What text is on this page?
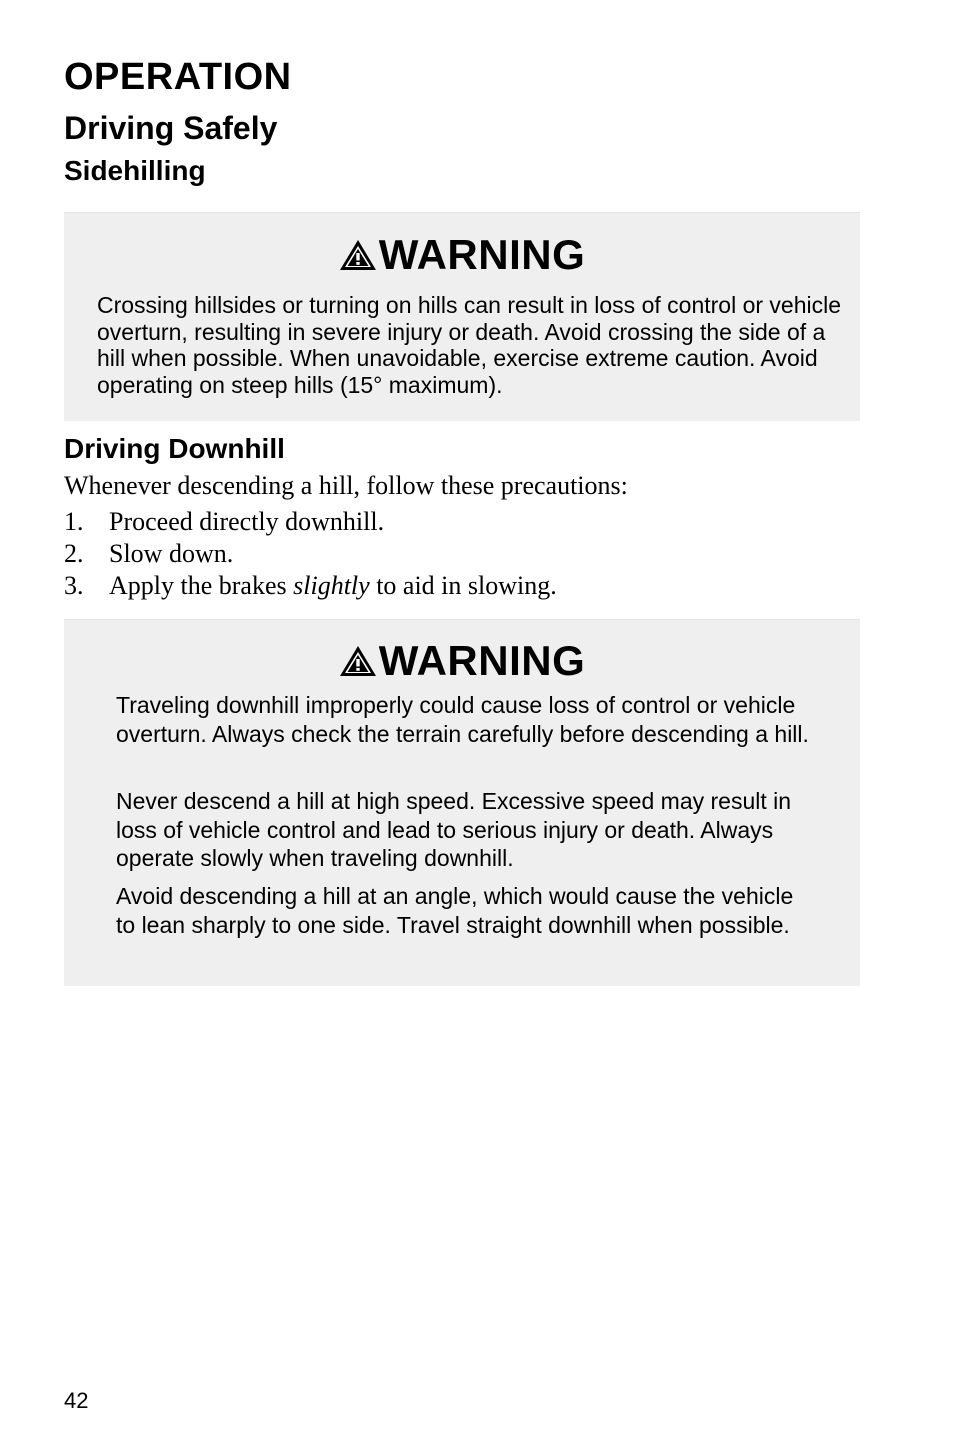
OPERATION
Driving Safely
Sidehilling
WARNING
Crossing hillsides or turning on hills can result in loss of control or vehicle overturn, resulting in severe injury or death. Avoid crossing the side of a hill when possible. When unavoidable, exercise extreme caution. Avoid operating on steep hills (15° maximum).
Driving Downhill
Whenever descending a hill, follow these precautions:
1. Proceed directly downhill.
2. Slow down.
3. Apply the brakes slightly to aid in slowing.
WARNING
Traveling downhill improperly could cause loss of control or vehicle overturn. Always check the terrain carefully before descending a hill.
Never descend a hill at high speed. Excessive speed may result in loss of vehicle control and lead to serious injury or death. Always operate slowly when traveling downhill.
Avoid descending a hill at an angle, which would cause the vehicle to lean sharply to one side. Travel straight downhill when possible.
42
